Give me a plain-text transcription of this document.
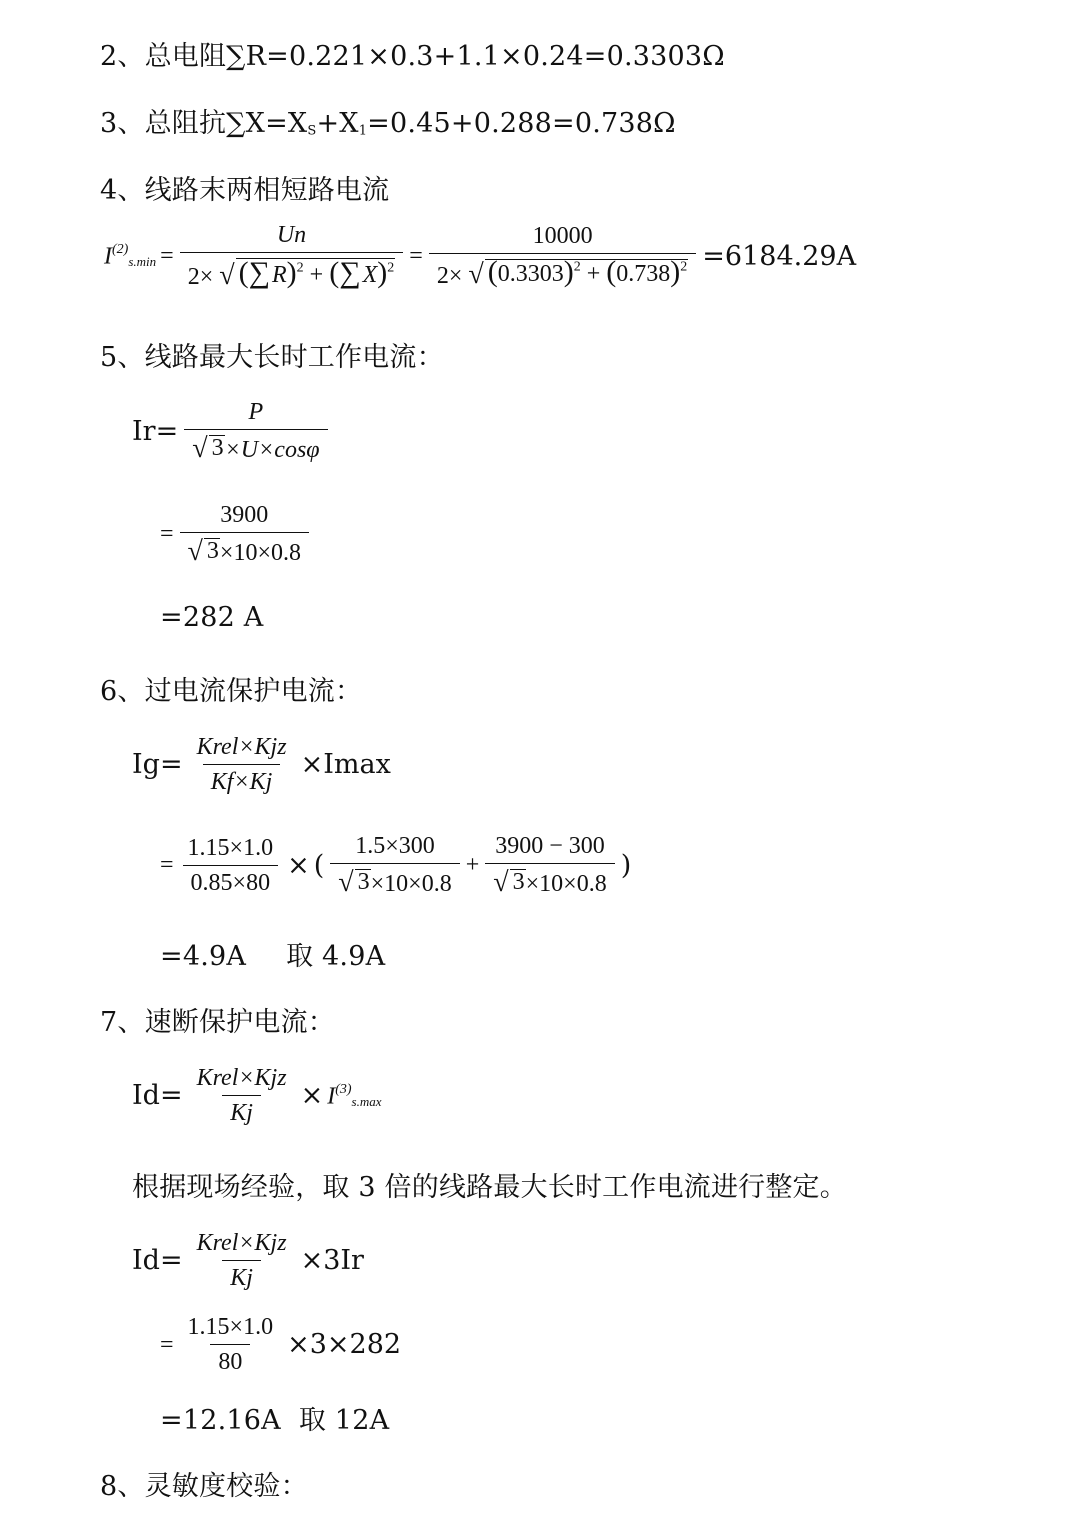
2、总电阻∑R=0.221×0.3+1.1×0.24=0.3303Ω
3、总阻抗$\sum X=X_S+X_1=0.45+0.288=0.738\Omega$
4、线路末两相短路电流
$I^{(2)}_{s.min}$ =
Un
2× √ $(\sum R)^2 + (\sum X)^2$ =
10000
2× √ $(0.3303)^2 + (0.738)^2 =6184.29A$
5、线路最大长时工作电流：
$Ir= \frac{P}{√ 3 \times U\times\cos\varphi}$
= $\frac{3900}{√ 3 \times 10\times 0.8}$
=282 A
6、过电流保护电流：
$Ig= \frac{\text{Krel×Kjz}}{Kf\times Kj} \times Imax$
= $\frac{1.15\times 1.0}{0.85\times 80}$ × ( $\frac{1.5\times 300}{√ 3 \times 10\times 0.8} + \frac{3900 - 300}{√ 3 \times 10\times 0.8}$ )
=4.9A 取 4.9A
7、速断保护电流：
$Id= \frac{\text{Krel×Kjz}}{Kj} \times I^{(3)}_{s.max}$
根据现场经验，取 3 倍的线路最大长时工作电流进行整定。
$Id= \frac{\text{Krel×Kjz}}{Kj} \times 3Ir$
= $\frac{1.15\times 1.0}{80} \times 3\times 282$
=12.16A 取 12A
8、灵敏度校验：
